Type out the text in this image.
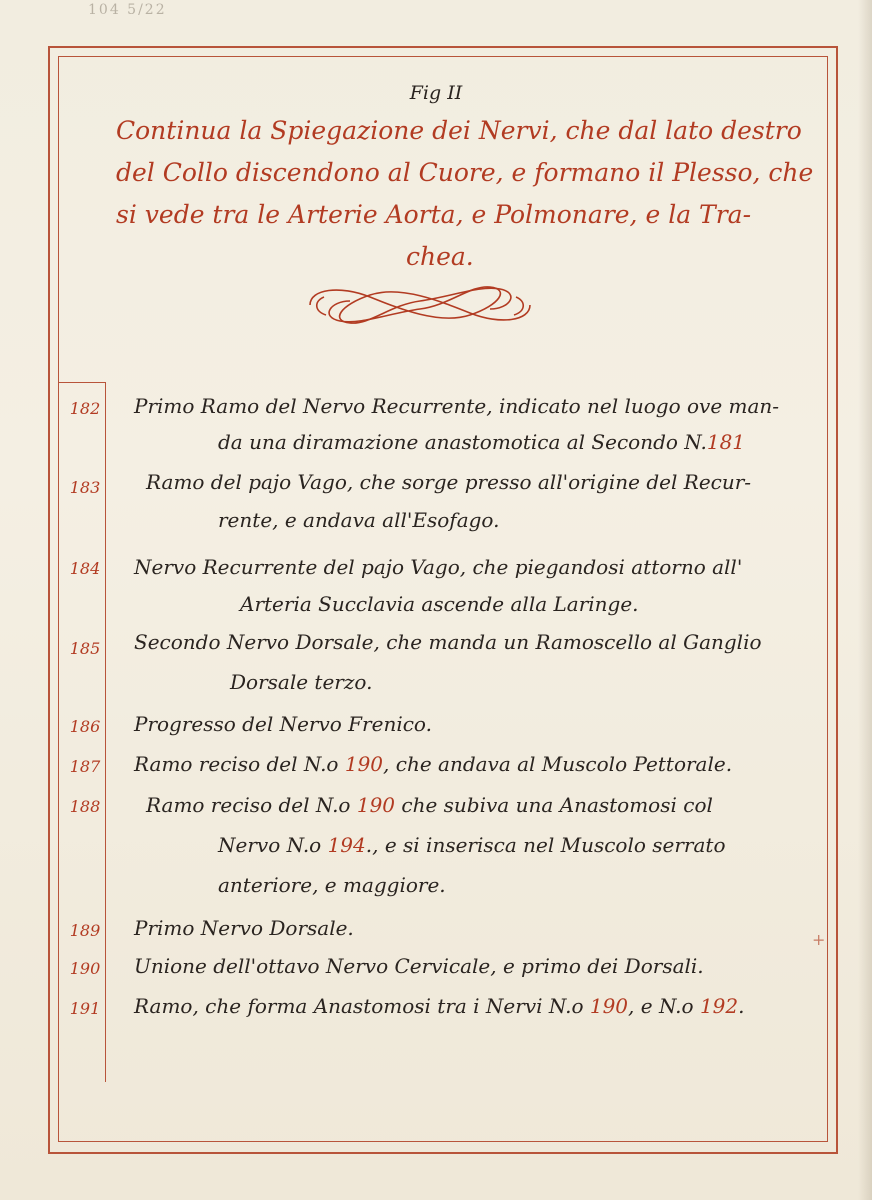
104 5/22
+
Fig II
Continua la Spiegazione dei Nervi, che dal lato destro
del Collo discendono al Cuore, e formano il Plesso, che
si vede tra le Arterie Aorta, e Polmonare, e la Tra-
chea.
182 Primo Ramo del Nervo Recurrente, indicato nel luogo ove man-
da una diramazione anastomotica al Secondo N.181
183 Ramo del pajo Vago, che sorge presso all'origine del Recur-
rente, e andava all'Esofago.
184 Nervo Recurrente del pajo Vago, che piegandosi attorno all'
Arteria Succlavia ascende alla Laringe.
185 Secondo Nervo Dorsale, che manda un Ramoscello al Ganglio
Dorsale terzo.
186 Progresso del Nervo Frenico.
187 Ramo reciso del N.o 190, che andava al Muscolo Pettorale.
188 Ramo reciso del N.o 190 che subiva una Anastomosi col
Nervo N.o 194., e si inserisca nel Muscolo serrato
anteriore, e maggiore.
189 Primo Nervo Dorsale.
190 Unione dell'ottavo Nervo Cervicale, e primo dei Dorsali.
191 Ramo, che forma Anastomosi tra i Nervi N.o 190, e N.o 192.
